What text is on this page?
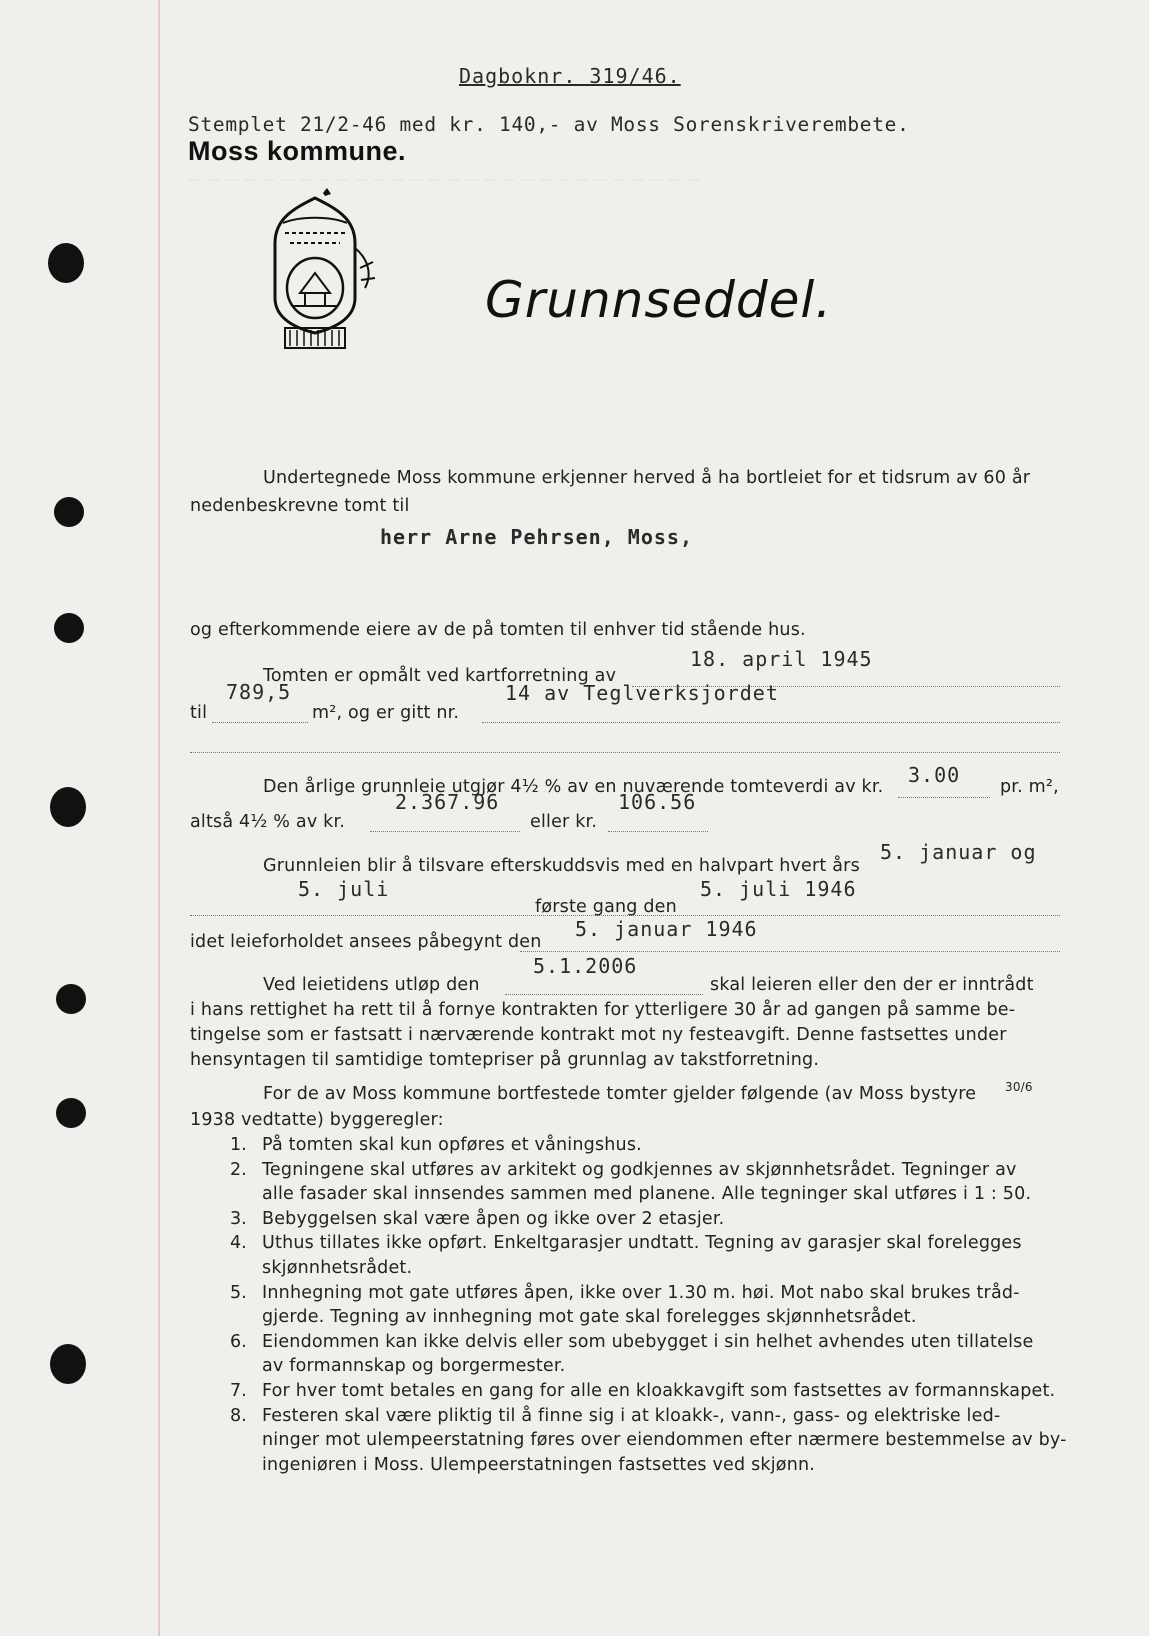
Dagboknr. 319/46.
Stemplet 21/2-46 med kr. 140,- av Moss Sorenskriverembete.
Moss kommune.
Grunnseddel.
— — — — — — — — — — — — — — — — — — — — — — — — — — — —
Undertegnede Moss kommune erkjenner herved å ha bortleiet for et tidsrum av 60 år
nedenbeskrevne tomt til
herr Arne Pehrsen, Moss,
og efterkommende eiere av de på tomten til enhver tid stående hus.
Tomten er opmålt ved kartforretning av
18. april 1945
til
789,5
m², og er gitt nr.
14 av Teglverksjordet
Den årlige grunnleie utgjør 4½ % av en nuværende tomteverdi av kr. 3.00 pr. m²,
altså 4½ % av kr.
2.367.96
eller kr.
106.56
Grunnleien blir å tilsvare efterskuddsvis med en halvpart hvert års
5. januar og
5. juli
første gang den
5. juli 1946
idet leieforholdet ansees påbegynt den
5. januar 1946
Ved leietidens utløp den
5.1.2006
skal leieren eller den der er inntrådt
i hans rettighet ha rett til å fornye kontrakten for ytterligere 30 år ad gangen på samme be-
tingelse som er fastsatt i nærværende kontrakt mot ny festeavgift. Denne fastsettes under
hensyntagen til samtidige tomtepriser på grunnlag av takstforretning.
For de av Moss kommune bortfestede tomter gjelder følgende (av Moss bystyre 30/6
1938 vedtatte) byggeregler:
1. På tomten skal kun opføres et våningshus.
2. Tegningene skal utføres av arkitekt og godkjennes av skjønnhetsrådet. Tegninger av
alle fasader skal innsendes sammen med planene. Alle tegninger skal utføres i 1 : 50.
3. Bebyggelsen skal være åpen og ikke over 2 etasjer.
4. Uthus tillates ikke opført. Enkeltgarasjer undtatt. Tegning av garasjer skal forelegges
skjønnhetsrådet.
5. Innhegning mot gate utføres åpen, ikke over 1.30 m. høi. Mot nabo skal brukes tråd-
gjerde. Tegning av innhegning mot gate skal forelegges skjønnhetsrådet.
6. Eiendommen kan ikke delvis eller som ubebygget i sin helhet avhendes uten tillatelse
av formannskap og borgermester.
7. For hver tomt betales en gang for alle en kloakkavgift som fastsettes av formannskapet.
8. Festeren skal være pliktig til å finne sig i at kloakk-, vann-, gass- og elektriske led-
ninger mot ulempeerstatning føres over eiendommen efter nærmere bestemmelse av by-
ingeniøren i Moss. Ulempeerstatningen fastsettes ved skjønn.
